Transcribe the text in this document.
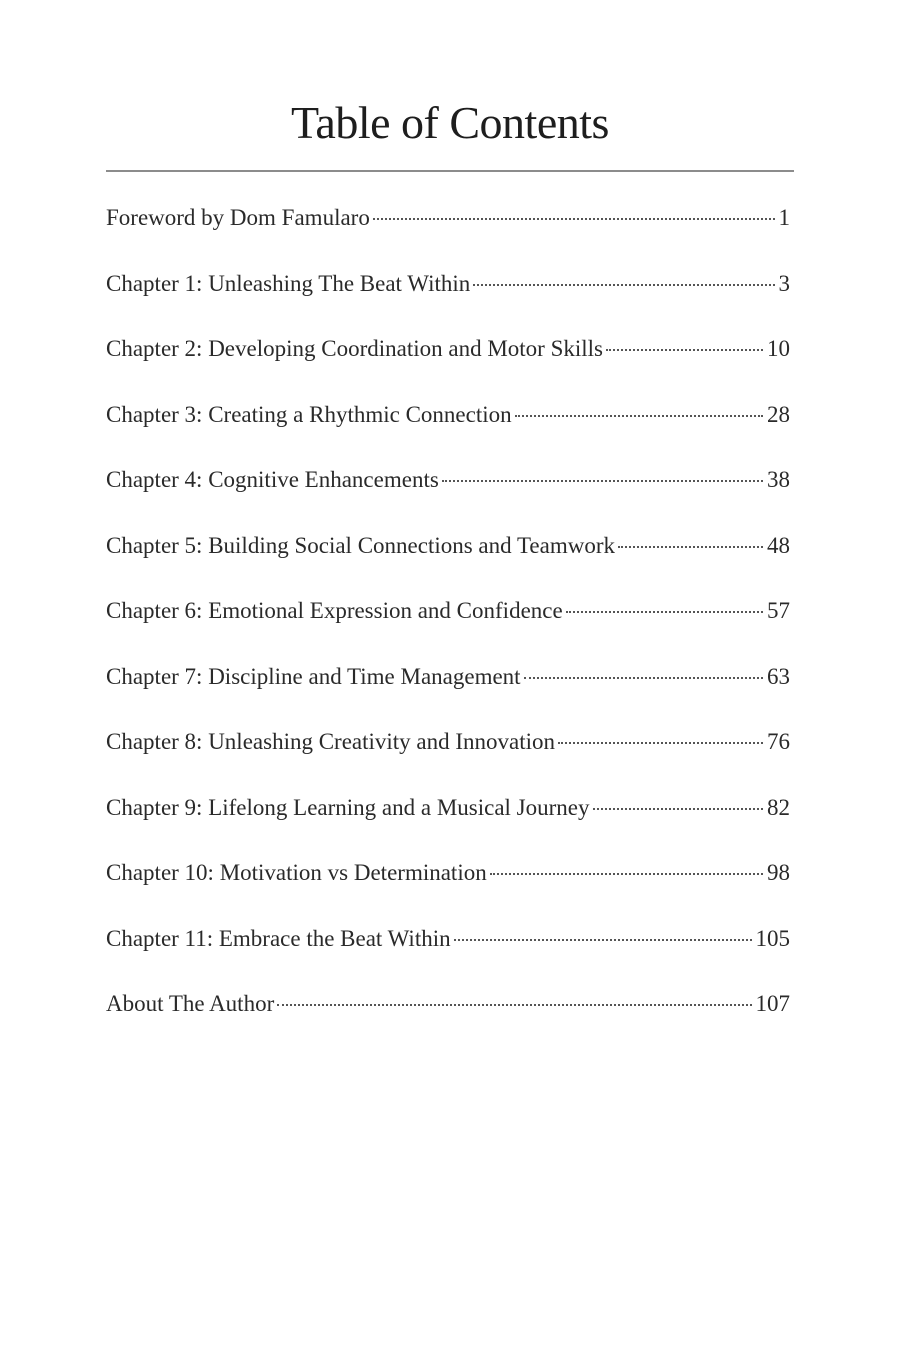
Table of Contents
Foreword by Dom Famularo	1
Chapter 1: Unleashing The Beat Within	3
Chapter 2: Developing Coordination and Motor Skills	10
Chapter 3: Creating a Rhythmic Connection	28
Chapter 4: Cognitive Enhancements	38
Chapter 5: Building Social Connections and Teamwork	48
Chapter 6: Emotional Expression and Confidence	57
Chapter 7: Discipline and Time Management	63
Chapter 8: Unleashing Creativity and Innovation	76
Chapter 9: Lifelong Learning and a Musical Journey	82
Chapter 10: Motivation vs Determination	98
Chapter 11: Embrace the Beat Within	105
About The Author	107
